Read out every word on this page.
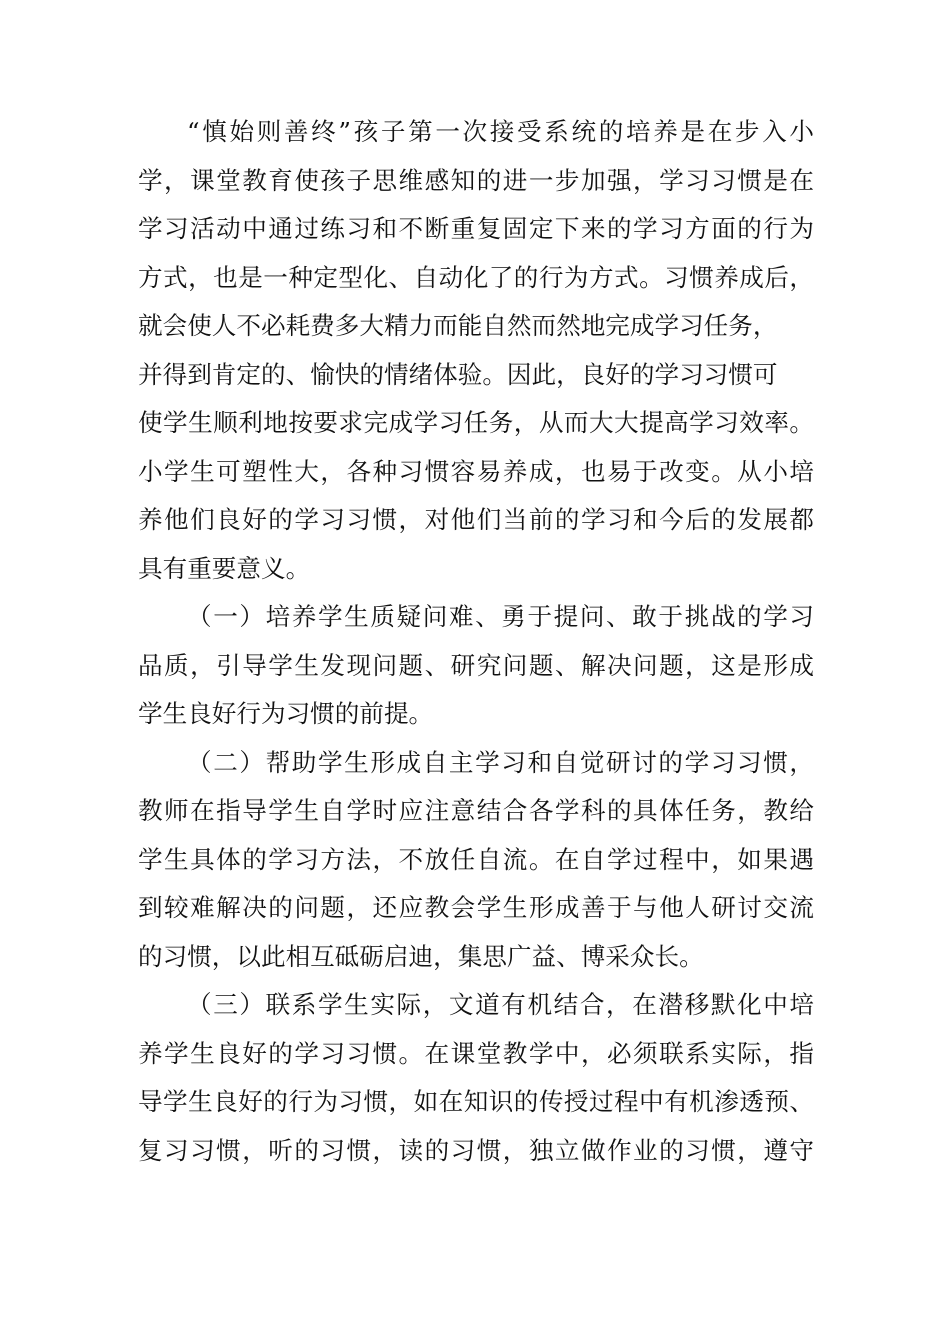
“慎始则善终”孩子第一次接受系统的培养是在步入小
学，课堂教育使孩子思维感知的进一步加强，学习习惯是在
学习活动中通过练习和不断重复固定下来的学习方面的行为
方式，也是一种定型化、自动化了的行为方式。习惯养成后，
就会使人不必耗费多大精力而能自然而然地完成学习任务，
并得到肯定的、愉快的情绪体验。因此，良好的学习习惯可
使学生顺利地按要求完成学习任务，从而大大提高学习效率。
小学生可塑性大，各种习惯容易养成，也易于改变。从小培
养他们良好的学习习惯，对他们当前的学习和今后的发展都
具有重要意义。
（一）培养学生质疑问难、勇于提问、敢于挑战的学习
品质，引导学生发现问题、研究问题、解决问题，这是形成
学生良好行为习惯的前提。
（二）帮助学生形成自主学习和自觉研讨的学习习惯，
教师在指导学生自学时应注意结合各学科的具体任务，教给
学生具体的学习方法，不放任自流。在自学过程中，如果遇
到较难解决的问题，还应教会学生形成善于与他人研讨交流
的习惯，以此相互砥砺启迪，集思广益、博采众长。
（三）联系学生实际，文道有机结合，在潜移默化中培
养学生良好的学习习惯。在课堂教学中，必须联系实际，指
导学生良好的行为习惯，如在知识的传授过程中有机渗透预、
复习习惯，听的习惯，读的习惯，独立做作业的习惯，遵守
